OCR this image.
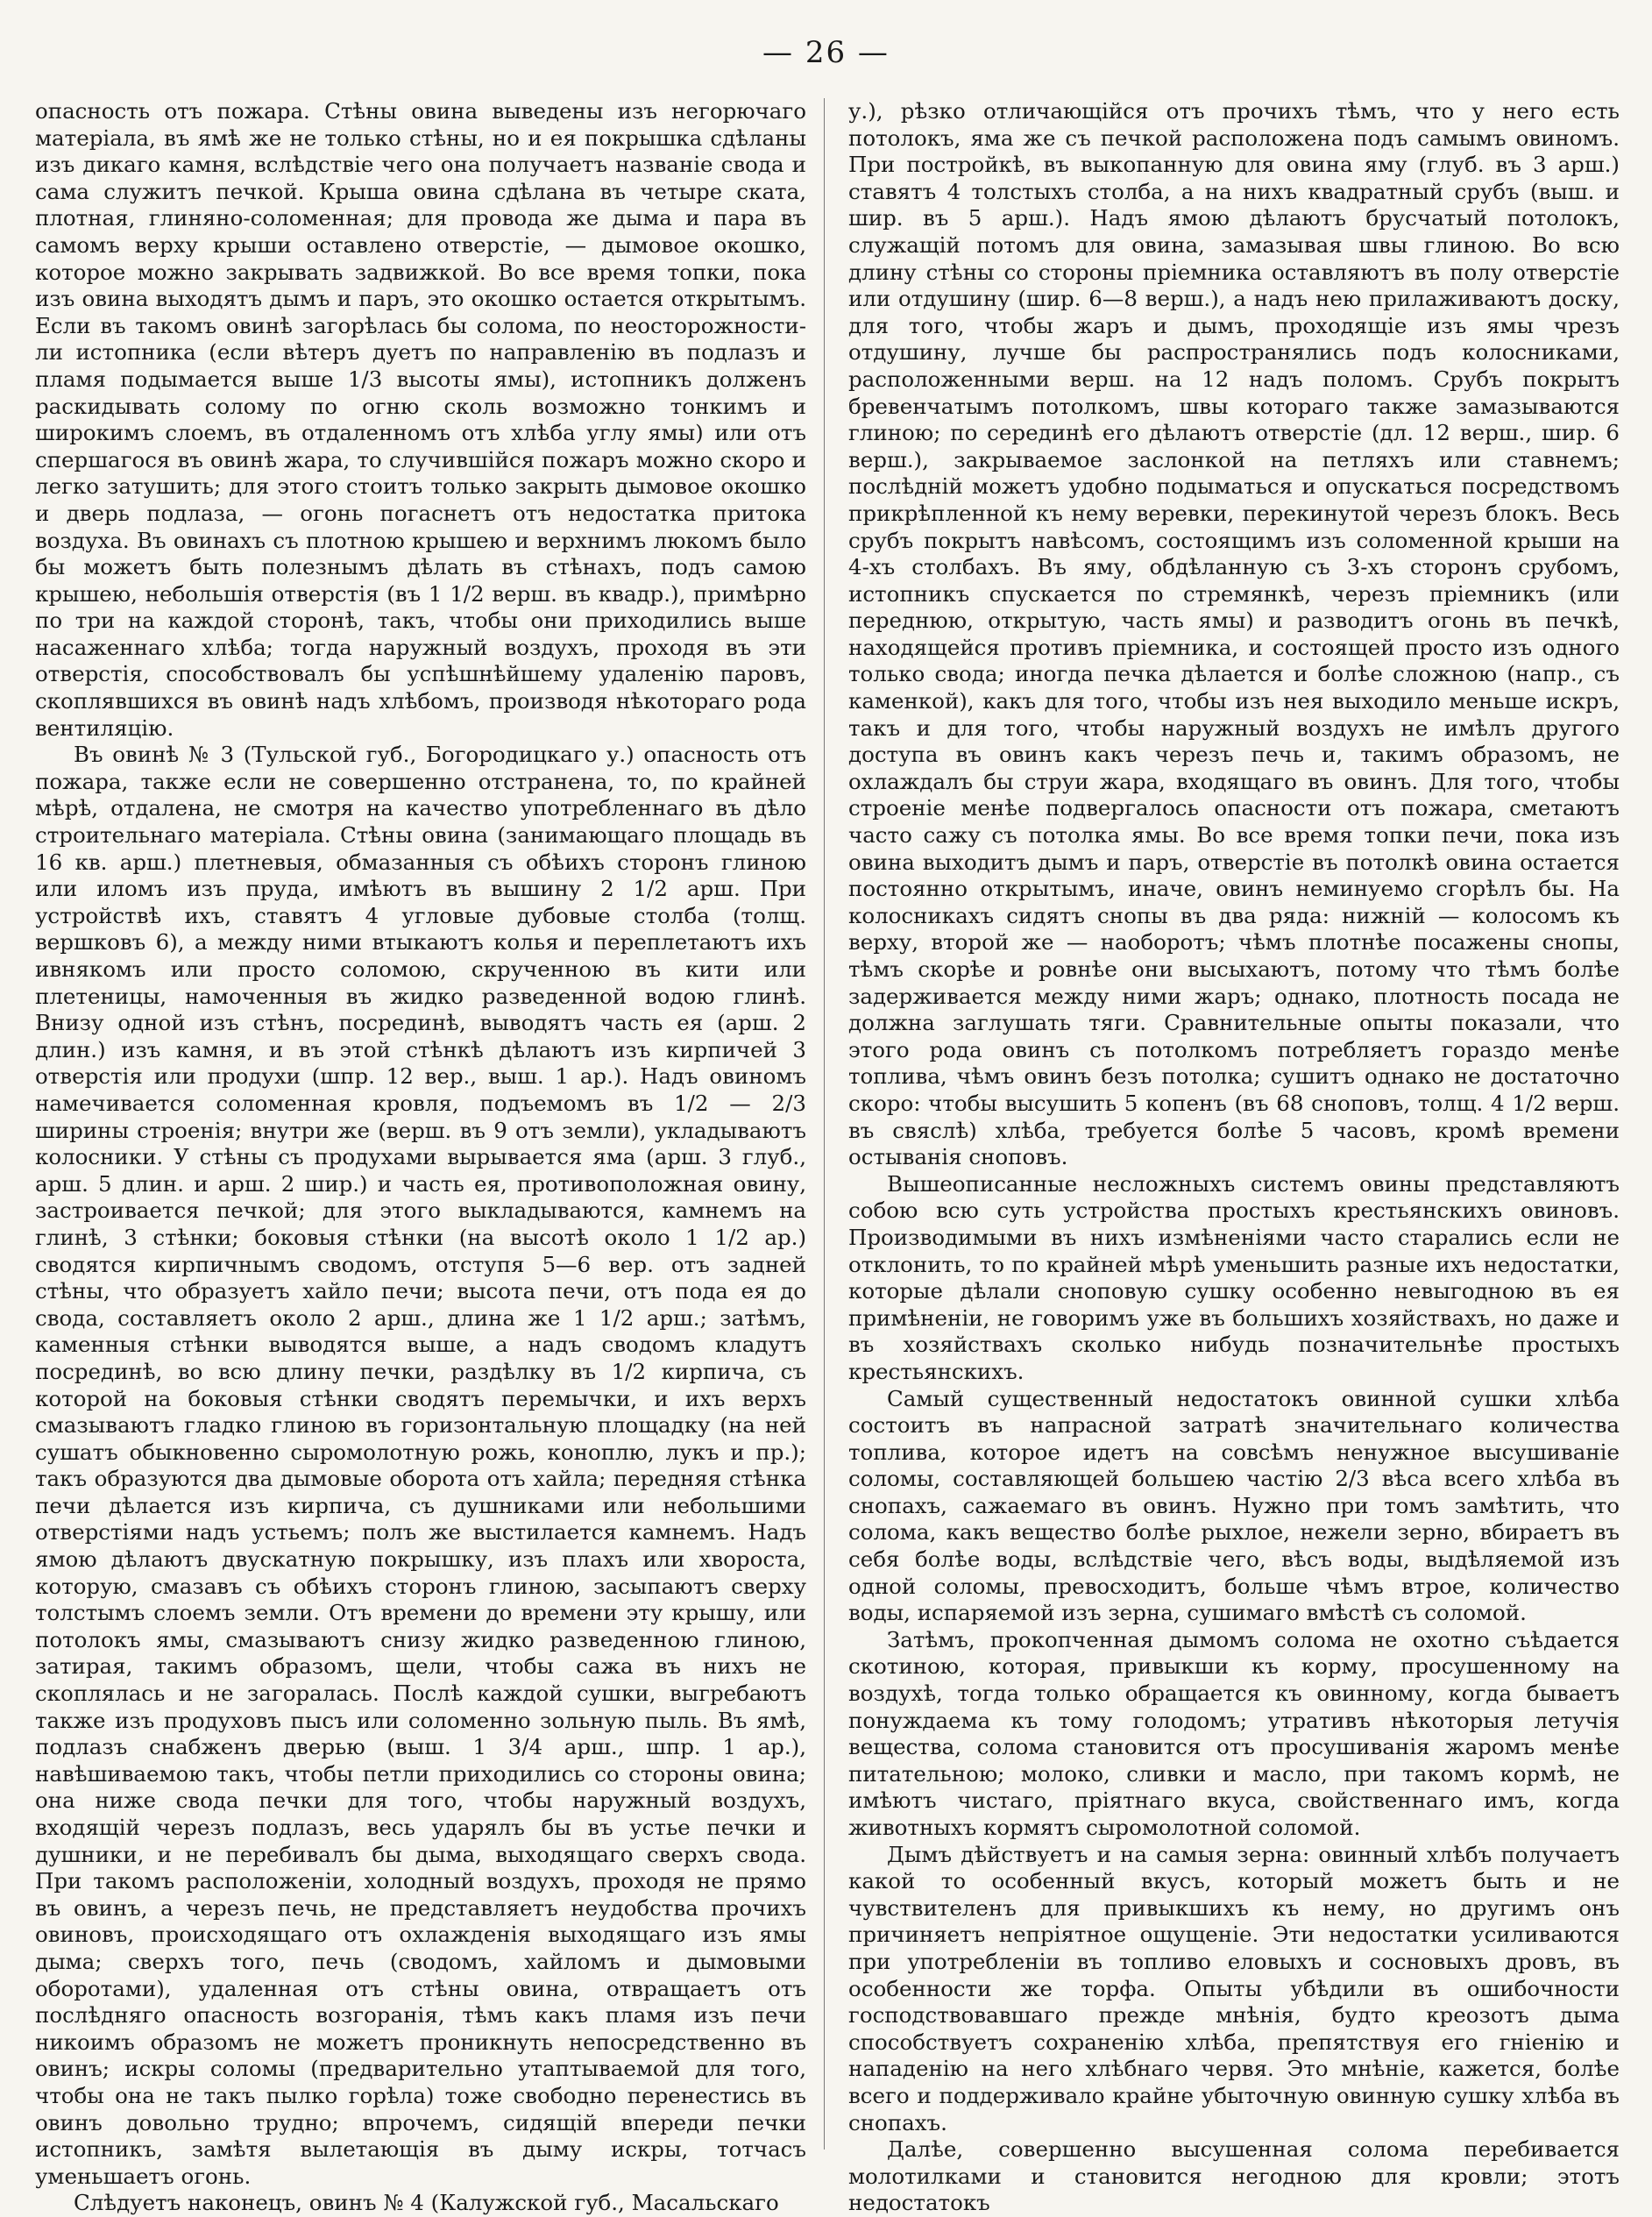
— 26 —

опасность отъ пожара. Стѣны овина выведены изъ негорючаго матеріала, въ ямѣ же не только стѣны, но и ея покрышка сдѣланы изъ дикаго камня, вслѣдствіе чего она получаетъ названіе свода и сама служитъ печкой. Крыша овина сдѣлана въ четыре ската, плотная, глиняно-соломенная; для провода же дыма и пара въ самомъ верху крыши оставлено отверстіе, — дымовое окошко, которое можно закрывать задвижкой. Во все время топки, пока изъ овина выходятъ дымъ и паръ, это окошко остается открытымъ. Если въ такомъ овинѣ загорѣлась бы солома, по неосторожности-ли истопника (если вѣтеръ дуетъ по направленію въ подлазъ и пламя подымается выше 1/3 высоты ямы), истопникъ долженъ раскидывать солому по огню сколь возможно тонкимъ и широкимъ слоемъ, въ отдаленномъ отъ хлѣба углу ямы) или отъ спершагося въ овинѣ жара, то случившійся пожаръ можно скоро и легко затушить; для этого стоитъ только закрыть дымовое окошко и дверь подлаза, — огонь погаснетъ отъ недостатка притока воздуха. Въ овинахъ съ плотною крышею и верхнимъ люкомъ было бы можетъ быть полезнымъ дѣлать въ стѣнахъ, подъ самою крышею, небольшія отверстія (въ 1 1/2 верш. въ квадр.), примѣрно по три на каждой сторонѣ, такъ, чтобы они приходились выше насаженнаго хлѣба; тогда наружный воздухъ, проходя въ эти отверстія, способствовалъ бы успѣшнѣйшему удаленію паровъ, скоплявшихся въ овинѣ надъ хлѣбомъ, производя нѣкотораго рода вентиляцію.

Въ овинѣ № 3 (Тульской губ., Богородицкаго у.) опасность отъ пожара, также если не совершенно отстранена, то, по крайней мѣрѣ, отдалена, не смотря на качество употребленнаго въ дѣло строительнаго матеріала. Стѣны овина (занимающаго площадь въ 16 кв. арш.) плетневыя, обмазанныя съ обѣихъ сторонъ глиною или иломъ изъ пруда, имѣютъ въ вышину 2 1/2 арш. При устройствѣ ихъ, ставятъ 4 угловые дубовые столба (толщ. вершковъ 6), а между ними втыкаютъ колья и переплетаютъ ихъ ивнякомъ или просто соломою, скрученною въ кити или плетеницы, намоченныя въ жидко разведенной водою глинѣ. Внизу одной изъ стѣнъ, посрединѣ, выводятъ часть ея (арш. 2 длин.) изъ камня, и въ этой стѣнкѣ дѣлаютъ изъ кирпичей 3 отверстія или продухи (шпр. 12 вер., выш. 1 ар.). Надъ овиномъ намечивается соломенная кровля, подъемомъ въ 1/2 — 2/3 ширины строенія; внутри же (верш. въ 9 отъ земли), укладываютъ колосники. У стѣны съ продухами вырывается яма (арш. 3 глуб., арш. 5 длин. и арш. 2 шир.) и часть ея, противоположная овину, застроивается печкой; для этого выкладываются, камнемъ на глинѣ, 3 стѣнки; боковыя стѣнки (на высотѣ около 1 1/2 ар.) сводятся кирпичнымъ сводомъ, отступя 5—6 вер. отъ задней стѣны, что образуетъ хайло печи; высота печи, отъ пода ея до свода, составляетъ около 2 арш., длина же 1 1/2 арш.; затѣмъ, каменныя стѣнки выводятся выше, а надъ сводомъ кладутъ посрединѣ, во всю длину печки, раздѣлку въ 1/2 кирпича, съ которой на боковыя стѣнки сводятъ перемычки, и ихъ верхъ смазываютъ гладко глиною въ горизонтальную площадку (на ней сушатъ обыкновенно сыромолотную рожь, коноплю, лукъ и пр.); такъ образуются два дымовые оборота отъ хайла; передняя стѣнка печи дѣлается изъ кирпича, съ душниками или небольшими отверстіями надъ устьемъ; полъ же выстилается камнемъ. Надъ ямою дѣлаютъ двускатную покрышку, изъ плахъ или хвороста, которую, смазавъ съ обѣихъ сторонъ глиною, засыпаютъ сверху толстымъ слоемъ земли. Отъ времени до времени эту крышу, или потолокъ ямы, смазываютъ снизу жидко разведенною глиною, затирая, такимъ образомъ, щели, чтобы сажа въ нихъ не скоплялась и не загоралась. Послѣ каждой сушки, выгребаютъ также изъ продуховъ пысъ или соломенно зольную пыль. Въ ямѣ, подлазъ снабженъ дверью (выш. 1 3/4 арш., шпр. 1 ар.), навѣшиваемою такъ, чтобы петли приходились со стороны овина; она ниже свода печки для того, чтобы наружный воздухъ, входящій черезъ подлазъ, весь ударялъ бы въ устье печки и душники, и не перебивалъ бы дыма, выходящаго сверхъ свода. При такомъ расположеніи, холодный воздухъ, проходя не прямо въ овинъ, а черезъ печь, не представляетъ неудобства прочихъ овиновъ, происходящаго отъ охлажденія выходящаго изъ ямы дыма; сверхъ того, печь (сводомъ, хайломъ и дымовыми оборотами), удаленная отъ стѣны овина, отвращаетъ отъ послѣдняго опасность возгоранія, тѣмъ какъ пламя изъ печи никоимъ образомъ не можетъ проникнуть непосредственно въ овинъ; искры соломы (предварительно утаптываемой для того, чтобы она не такъ пылко горѣла) тоже свободно перенестись въ овинъ довольно трудно; впрочемъ, сидящій впереди печки истопникъ, замѣтя вылетающія въ дыму искры, тотчасъ уменьшаетъ огонь.

Слѣдуетъ наконецъ, овинъ № 4 (Калужской губ., Масальскаго

у.), рѣзко отличающійся отъ прочихъ тѣмъ, что у него есть потолокъ, яма же съ печкой расположена подъ самымъ овиномъ. При постройкѣ, въ выкопанную для овина яму (глуб. въ 3 арш.) ставятъ 4 толстыхъ столба, а на нихъ квадратный срубъ (выш. и шир. въ 5 арш.). Надъ ямою дѣлаютъ брусчатый потолокъ, служащій потомъ для овина, замазывая швы глиною. Во всю длину стѣны со стороны пріемника оставляютъ въ полу отверстіе или отдушину (шир. 6—8 верш.), а надъ нею прилаживаютъ доску, для того, чтобы жаръ и дымъ, проходящіе изъ ямы чрезъ отдушину, лучше бы распространялись подъ колосниками, расположенными верш. на 12 надъ поломъ. Срубъ покрытъ бревенчатымъ потолкомъ, швы котораго также замазываются глиною; по серединѣ его дѣлаютъ отверстіе (дл. 12 верш., шир. 6 верш.), закрываемое заслонкой на петляхъ или ставнемъ; послѣдній можетъ удобно подыматься и опускаться посредствомъ прикрѣпленной къ нему веревки, перекинутой черезъ блокъ. Весь срубъ покрытъ навѣсомъ, состоящимъ изъ соломенной крыши на 4-хъ столбахъ. Въ яму, обдѣланную съ 3-хъ сторонъ срубомъ, истопникъ спускается по стремянкѣ, черезъ пріемникъ (или переднюю, открытую, часть ямы) и разводитъ огонь въ печкѣ, находящейся противъ пріемника, и состоящей просто изъ одного только свода; иногда печка дѣлается и болѣе сложною (напр., съ каменкой), какъ для того, чтобы изъ нея выходило меньше искръ, такъ и для того, чтобы наружный воздухъ не имѣлъ другого доступа въ овинъ какъ черезъ печь и, такимъ образомъ, не охлаждалъ бы струи жара, входящаго въ овинъ. Для того, чтобы строеніе менѣе подвергалось опасности отъ пожара, сметаютъ часто сажу съ потолка ямы. Во все время топки печи, пока изъ овина выходитъ дымъ и паръ, отверстіе въ потолкѣ овина остается постоянно открытымъ, иначе, овинъ неминуемо сгорѣлъ бы. На колосникахъ сидятъ снопы въ два ряда: нижній — колосомъ къ верху, второй же — наоборотъ; чѣмъ плотнѣе посажены снопы, тѣмъ скорѣе и ровнѣе они высыхаютъ, потому что тѣмъ болѣе задерживается между ними жаръ; однако, плотность посада не должна заглушать тяги. Сравнительные опыты показали, что этого рода овинъ съ потолкомъ потребляетъ гораздо менѣе топлива, чѣмъ овинъ безъ потолка; сушитъ однако не достаточно скоро: чтобы высушить 5 копенъ (въ 68 сноповъ, толщ. 4 1/2 верш. въ свяслѣ) хлѣба, требуется болѣе 5 часовъ, кромѣ времени остыванія сноповъ.

Вышеописанные несложныхъ системъ овины представляютъ собою всю суть устройства простыхъ крестьянскихъ овиновъ. Производимыми въ нихъ измѣненіями часто старались если не отклонить, то по крайней мѣрѣ уменьшить разные ихъ недостатки, которые дѣлали сноповую сушку особенно невыгодною въ ея примѣненіи, не говоримъ уже въ большихъ хозяйствахъ, но даже и въ хозяйствахъ сколько нибудь позначительнѣе простыхъ крестьянскихъ.

Самый существенный недостатокъ овинной сушки хлѣба состоитъ въ напрасной затратѣ значительнаго количества топлива, которое идетъ на совсѣмъ ненужное высушиваніе соломы, составляющей большею частію 2/3 вѣса всего хлѣба въ снопахъ, сажаемаго въ овинъ. Нужно при томъ замѣтить, что солома, какъ вещество болѣе рыхлое, нежели зерно, вбираетъ въ себя болѣе воды, вслѣдствіе чего, вѣсъ воды, выдѣляемой изъ одной соломы, превосходитъ, больше чѣмъ втрое, количество воды, испаряемой изъ зерна, сушимаго вмѣстѣ съ соломой.

Затѣмъ, прокопченная дымомъ солома не охотно съѣдается скотиною, которая, привыкши къ корму, просушенному на воздухѣ, тогда только обращается къ овинному, когда бываетъ понуждаема къ тому голодомъ; утративъ нѣкоторыя летучія вещества, солома становится отъ просушиванія жаромъ менѣе питательною; молоко, сливки и масло, при такомъ кормѣ, не имѣютъ чистаго, пріятнаго вкуса, свойственнаго имъ, когда животныхъ кормятъ сыромолотной соломой.

Дымъ дѣйствуетъ и на самыя зерна: овинный хлѣбъ получаетъ какой то особенный вкусъ, который можетъ быть и не чувствителенъ для привыкшихъ къ нему, но другимъ онъ причиняетъ непріятное ощущеніе. Эти недостатки усиливаются при употребленіи въ топливо еловыхъ и сосновыхъ дровъ, въ особенности же торфа. Опыты убѣдили въ ошибочности господствовавшаго прежде мнѣнія, будто креозотъ дыма способствуетъ сохраненію хлѣба, препятствуя его гніенію и нападенію на него хлѣбнаго червя. Это мнѣніе, кажется, болѣе всего и поддерживало крайне убыточную овинную сушку хлѣба въ снопахъ.

Далѣе, совершенно высушенная солома перебивается молотилками и становится негодною для кровли; этотъ недостатокъ
